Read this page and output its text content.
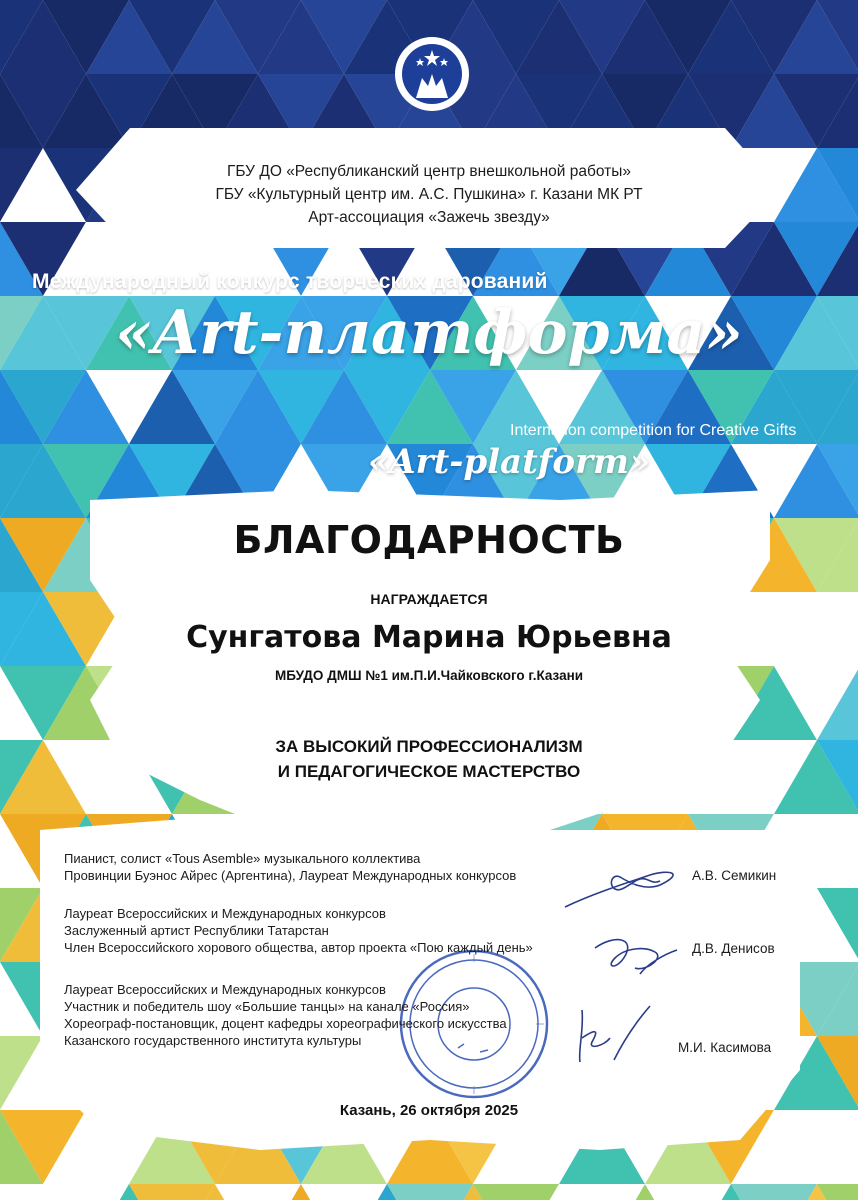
ГБУ ДО «Республиканский центр внешкольной работы»
ГБУ «Культурный центр им. А.С. Пушкина» г. Казани МК РТ
Арт-ассоциация «Зажечь звезду»
Международный конкурс творческих дарований
«Art-платформа»
Internation competition for Creative Gifts
«Art-platform»
БЛАГОДАРНОСТЬ
НАГРАЖДАЕТСЯ
Сунгатова Марина Юрьевна
МБУДО ДМШ №1 им.П.И.Чайковского г.Казани
ЗА ВЫСОКИЙ ПРОФЕССИОНАЛИЗМ
И ПЕДАГОГИЧЕСКОЕ МАСТЕРСТВО
Пианист, солист «Tous Asemble» музыкального коллектива
Провинции Буэнос Айрес (Аргентина), Лауреат Международных конкурсов	А.В. Семикин
Лауреат Всероссийских и Международных конкурсов
Заслуженный артист Республики Татарстан
Член Всероссийского хорового общества, автор проекта «Пою каждый день»	Д.В. Денисов
Лауреат Всероссийских и Международных конкурсов
Участник и победитель шоу «Большие танцы» на канале «Россия»
Хореограф-постановщик, доцент кафедры хореографического искусства
Казанского государственного института культуры	М.И. Касимова
Казань, 26 октября 2025
